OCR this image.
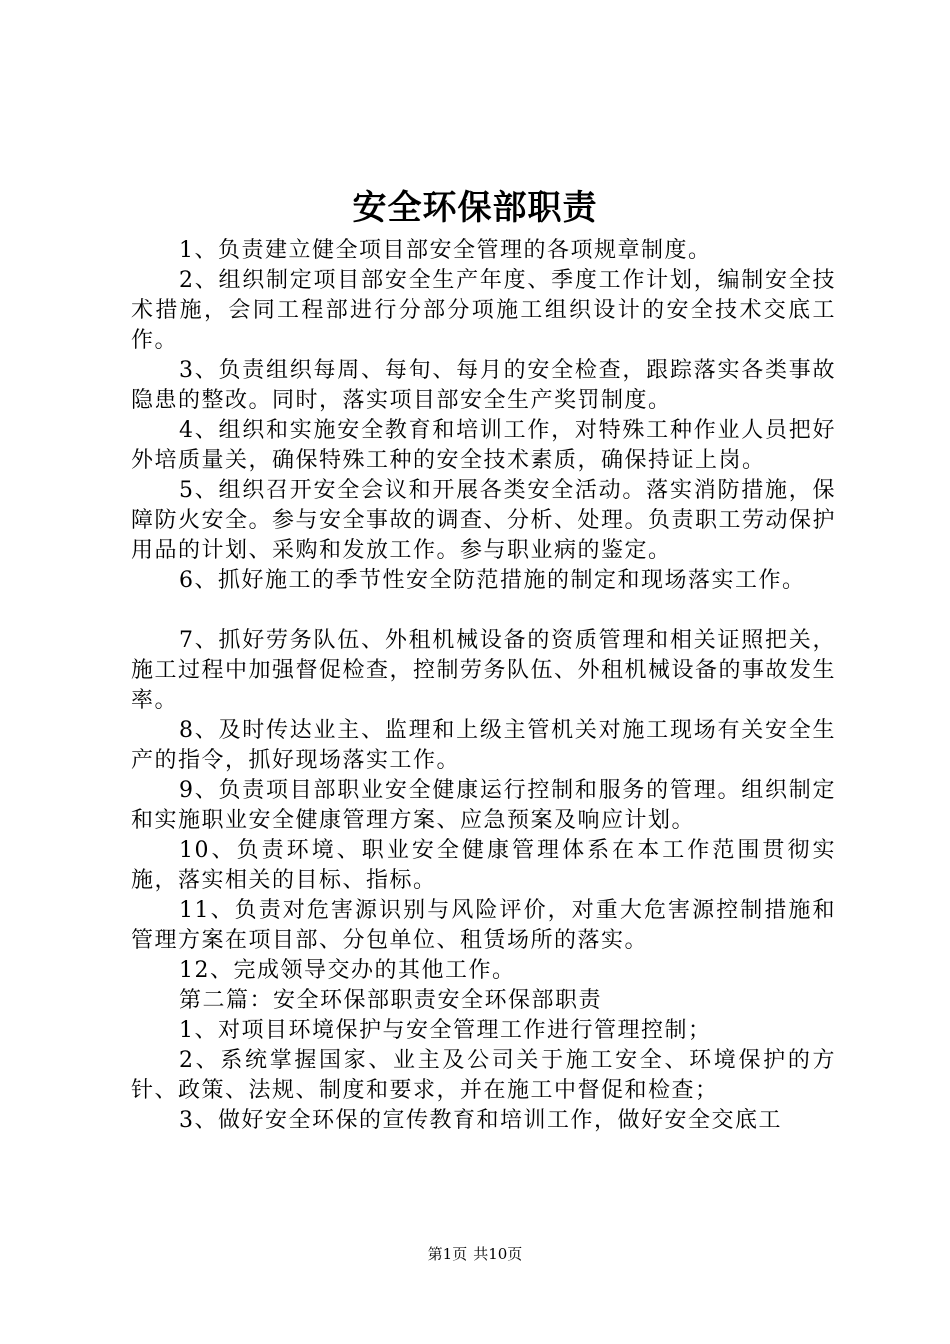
安全环保部职责

1、负责建立健全项目部安全管理的各项规章制度。

2、组织制定项目部安全生产年度、季度工作计划，编制安全技术措施，会同工程部进行分部分项施工组织设计的安全技术交底工作。

3、负责组织每周、每旬、每月的安全检查，跟踪落实各类事故隐患的整改。同时，落实项目部安全生产奖罚制度。

4、组织和实施安全教育和培训工作，对特殊工种作业人员把好外培质量关，确保特殊工种的安全技术素质，确保持证上岗。

5、组织召开安全会议和开展各类安全活动。落实消防措施，保障防火安全。参与安全事故的调查、分析、处理。负责职工劳动保护用品的计划、采购和发放工作。参与职业病的鉴定。

6、抓好施工的季节性安全防范措施的制定和现场落实工作。

7、抓好劳务队伍、外租机械设备的资质管理和相关证照把关，施工过程中加强督促检查，控制劳务队伍、外租机械设备的事故发生率。

8、及时传达业主、监理和上级主管机关对施工现场有关安全生产的指令，抓好现场落实工作。

9、负责项目部职业安全健康运行控制和服务的管理。组织制定和实施职业安全健康管理方案、应急预案及响应计划。

10、负责环境、职业安全健康管理体系在本工作范围贯彻实施，落实相关的目标、指标。

11、负责对危害源识别与风险评价，对重大危害源控制措施和管理方案在项目部、分包单位、租赁场所的落实。

12、完成领导交办的其他工作。

第二篇：安全环保部职责安全环保部职责

1、对项目环境保护与安全管理工作进行管理控制；

2、系统掌握国家、业主及公司关于施工安全、环境保护的方针、政策、法规、制度和要求，并在施工中督促和检查；

3、做好安全环保的宣传教育和培训工作，做好安全交底工

第1页 共10页
